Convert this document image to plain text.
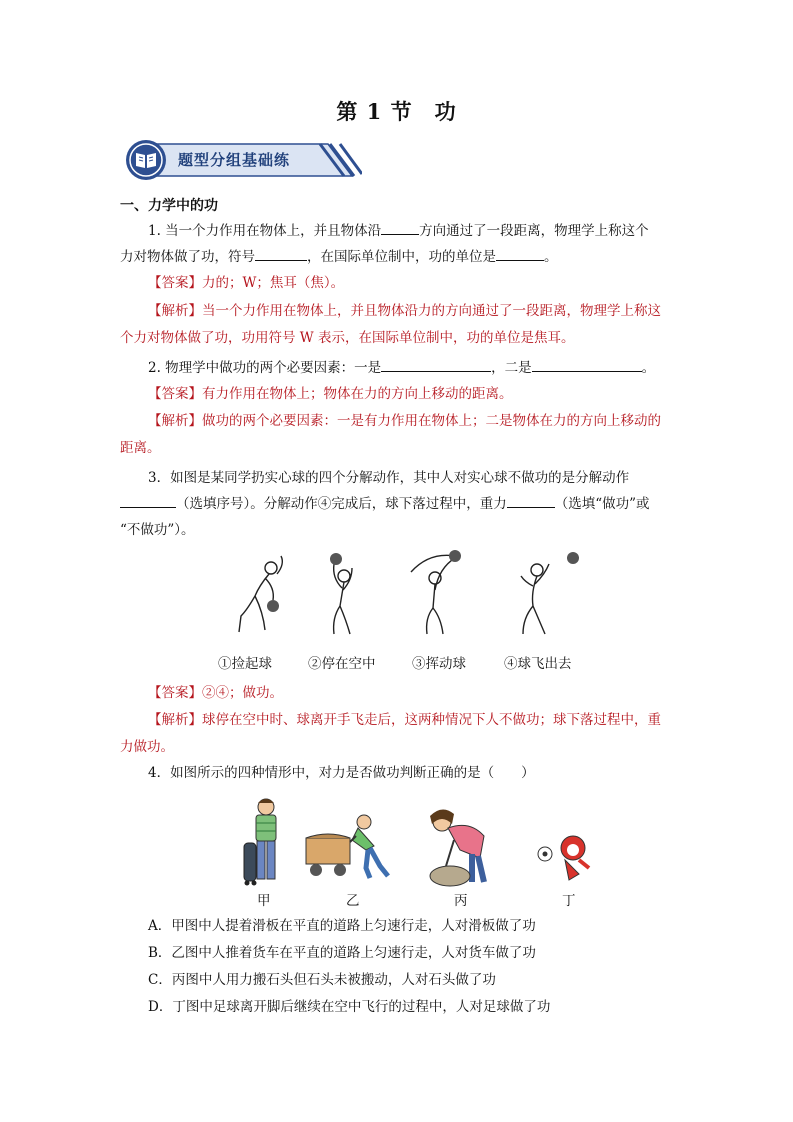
第 1 节　功
题型分组基础练
一、力学中的功
1. 当一个力作用在物体上，并且物体沿	方向通过了一段距离，物理学上称这个
力对物体做了功，符号	，在国际单位制中，功的单位是	。
【答案】力的；W；焦耳（焦）。
【解析】当一个力作用在物体上，并且物体沿力的方向通过了一段距离，物理学上称这
个力对物体做了功，功用符号 W 表示，在国际单位制中，功的单位是焦耳。
2. 物理学中做功的两个必要因素：一是	，二是	。
【答案】有力作用在物体上；物体在力的方向上移动的距离。
【解析】做功的两个必要因素：一是有力作用在物体上；二是物体在力的方向上移动的
距离。
3．如图是某同学扔实心球的四个分解动作，其中人对实心球不做功的是分解动作
（选填序号）。分解动作④完成后，球下落过程中，重力	（选填“做功”或
“不做功”）。
①捡起球	②停在空中	③挥动球	④球飞出去
【答案】②④；做功。
【解析】球停在空中时、球离开手飞走后，这两种情况下人不做功；球下落过程中，重
力做功。
4．如图所示的四种情形中，对力是否做功判断正确的是（　　）
甲	乙	丙	丁
A．甲图中人提着滑板在平直的道路上匀速行走，人对滑板做了功
B．乙图中人推着货车在平直的道路上匀速行走，人对货车做了功
C．丙图中人用力搬石头但石头未被搬动，人对石头做了功
D．丁图中足球离开脚后继续在空中飞行的过程中，人对足球做了功
